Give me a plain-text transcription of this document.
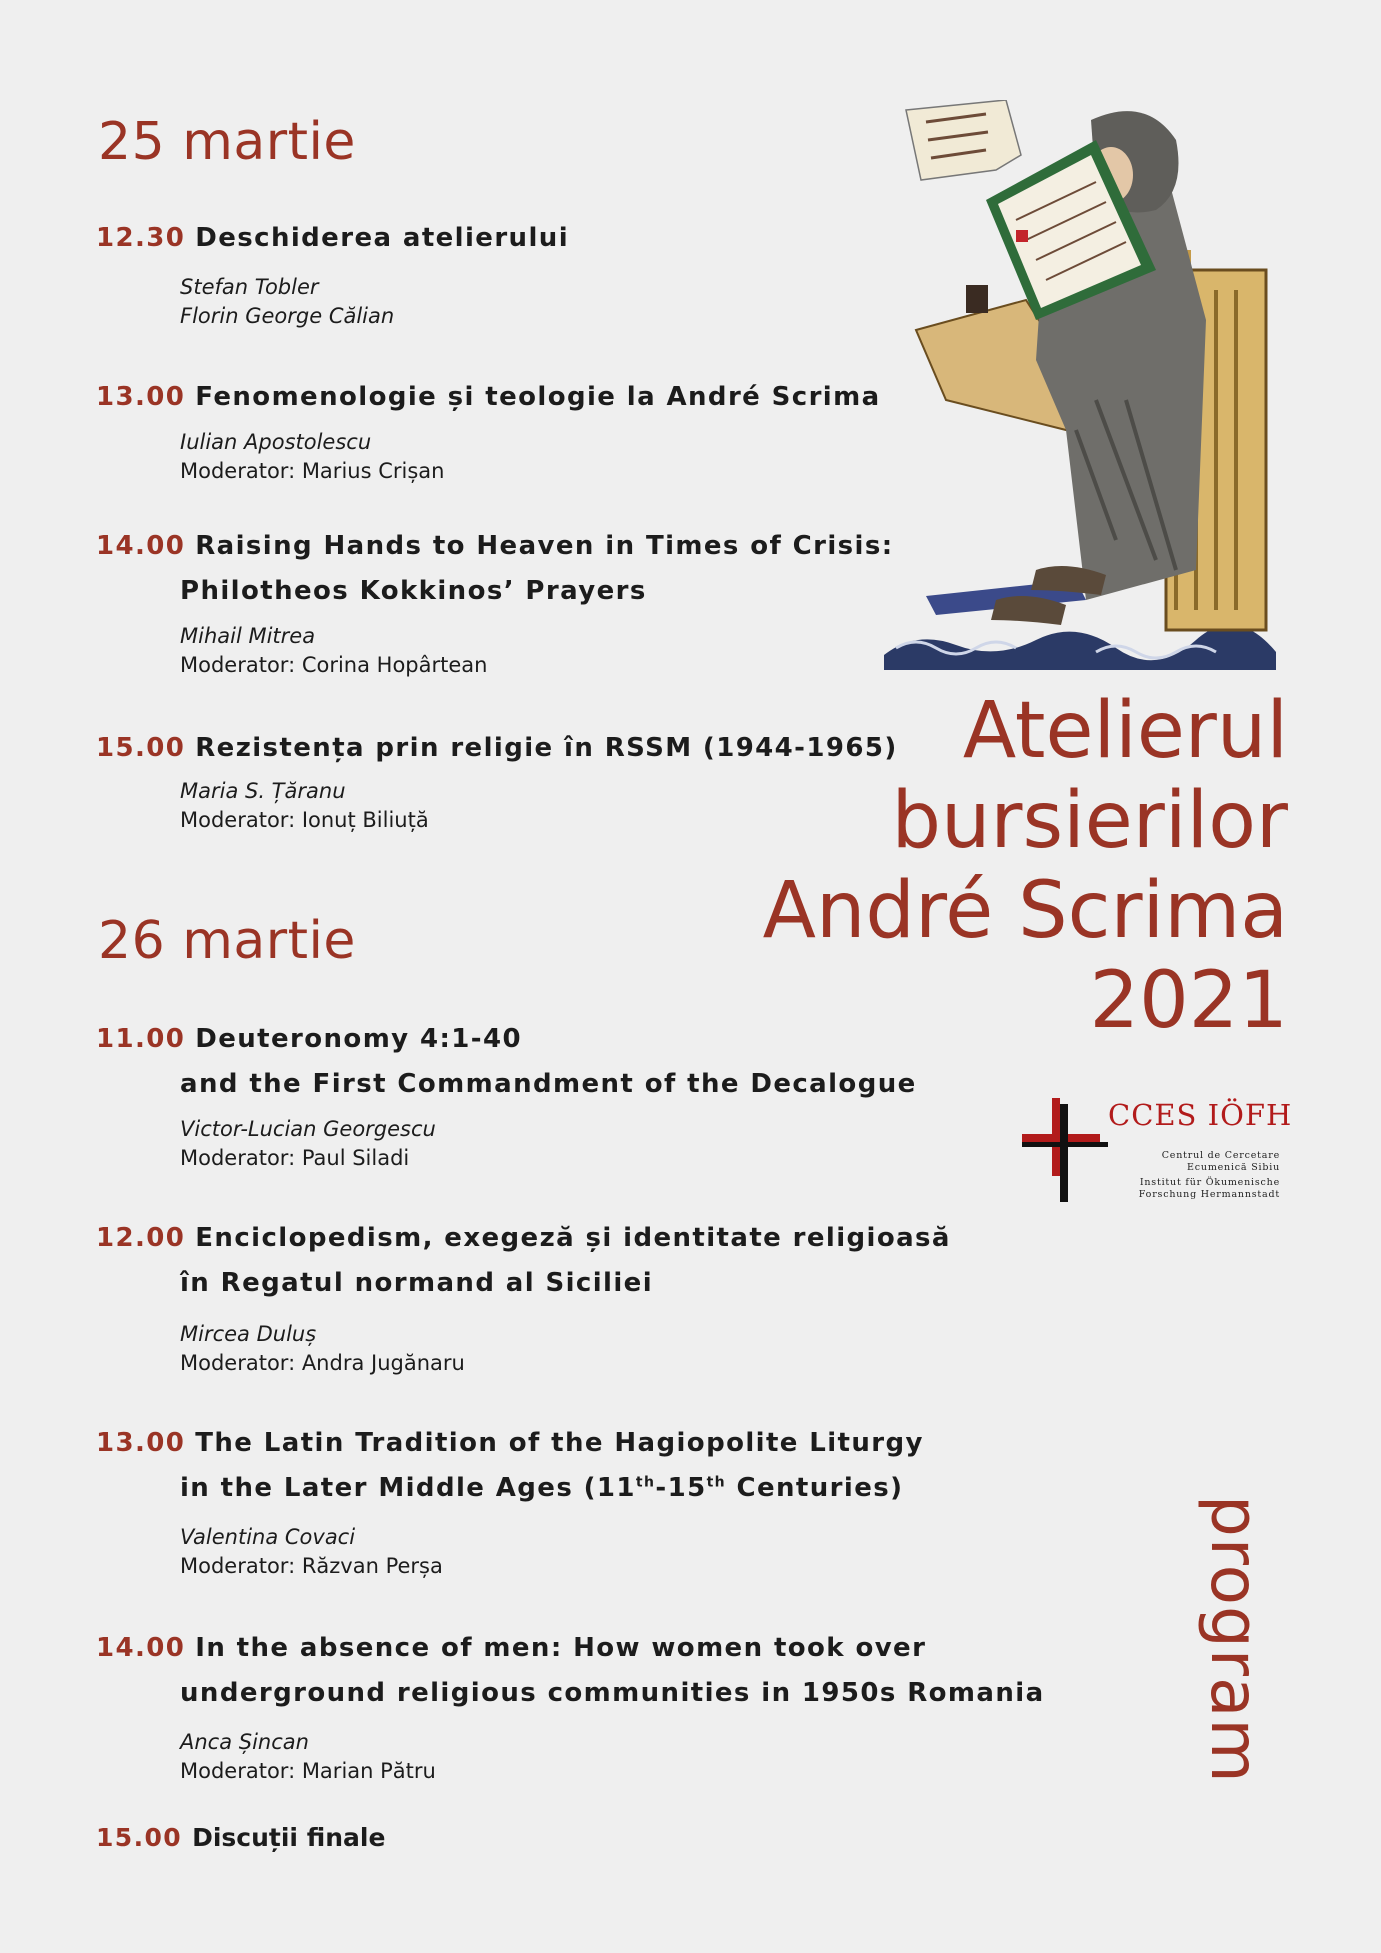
25 martie
12.30 Deschiderea atelierului
Stefan Tobler
Florin George Călian
13.00 Fenomenologie și teologie la André Scrima
Iulian Apostolescu
Moderator: Marius Crișan
14.00 Raising Hands to Heaven in Times of Crisis:
Philotheos Kokkinos’ Prayers
Mihail Mitrea
Moderator: Corina Hopârtean
15.00 Rezistența prin religie în RSSM (1944-1965)
Maria S. Țăranu
Moderator: Ionuț Biliuță
26 martie
11.00 Deuteronomy 4:1-40
and the First Commandment of the Decalogue
Victor-Lucian Georgescu
Moderator: Paul Siladi
12.00 Enciclopedism, exegeză și identitate religioasă
în Regatul normand al Siciliei
Mircea Duluș
Moderator: Andra Jugănaru
13.00 The Latin Tradition of the Hagiopolite Liturgy
in the Later Middle Ages (11th-15th Centuries)
Valentina Covaci
Moderator: Răzvan Perșa
14.00 In the absence of men: How women took over
underground religious communities in 1950s Romania
Anca Șincan
Moderator: Marian Pătru
15.00 Discuții finale
Atelierul
bursierilor
André Scrima
2021
CCES IÖFH
Centrul de Cercetare
Ecumenică Sibiu
Institut für Ökumenische
Forschung Hermannstadt
program
